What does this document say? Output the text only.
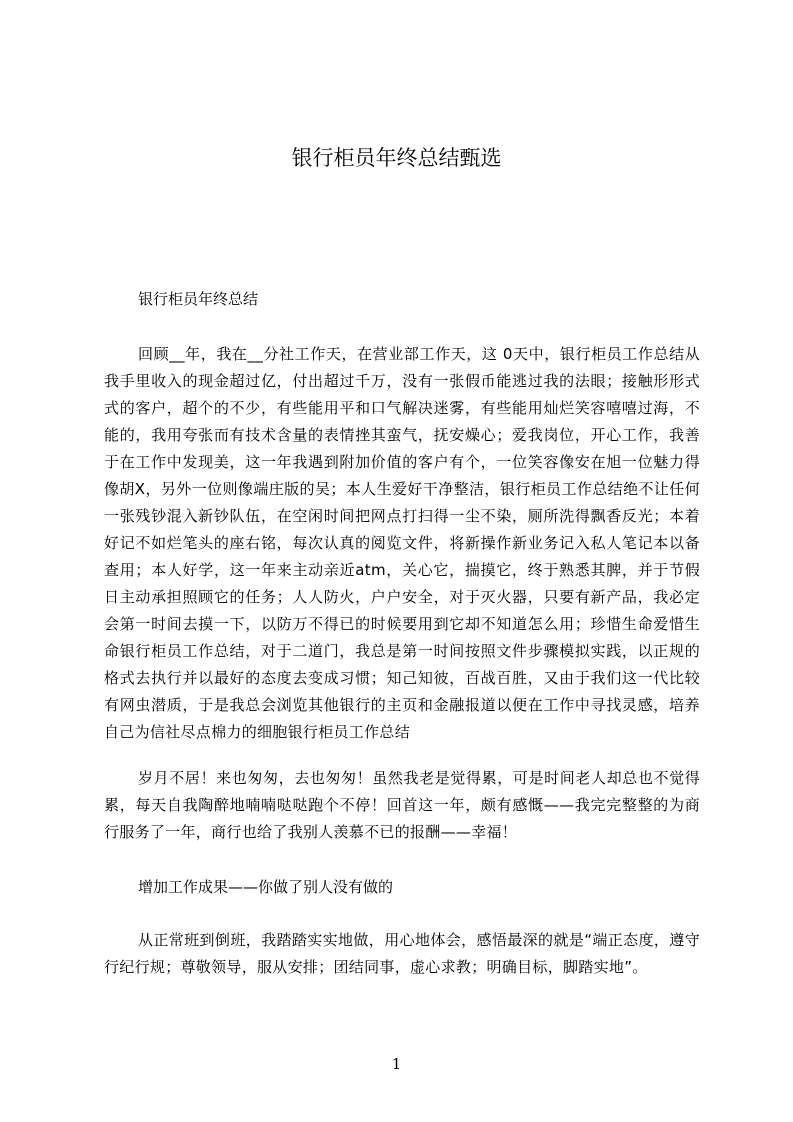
银行柜员年终总结甄选
银行柜员年终总结
回顾__年，我在__分社工作天，在营业部工作天，这 0天中，银行柜员工作总结从我手里收入的现金超过亿，付出超过千万，没有一张假币能逃过我的法眼；接触形形式式的客户，超个的不少，有些能用平和口气解决迷雾，有些能用灿烂笑容嘻嘻过海，不能的，我用夸张而有技术含量的表情挫其蛮气，抚安燥心；爱我岗位，开心工作，我善于在工作中发现美，这一年我遇到附加价值的客户有个，一位笑容像安在旭一位魅力得像胡X，另外一位则像端庄版的吴；本人生爱好干净整洁，银行柜员工作总结绝不让任何一张残钞混入新钞队伍，在空闲时间把网点打扫得一尘不染，厕所洗得飘香反光；本着好记不如烂笔头的座右铭，每次认真的阅览文件，将新操作新业务记入私人笔记本以备查用；本人好学，这一年来主动亲近atm，关心它，揣摸它，终于熟悉其脾，并于节假日主动承担照顾它的任务；人人防火，户户安全，对于灭火器，只要有新产品，我必定会第一时间去摸一下，以防万不得已的时候要用到它却不知道怎么用；珍惜生命爱惜生命银行柜员工作总结，对于二道门，我总是第一时间按照文件步骤模拟实践，以正规的格式去执行并以最好的态度去变成习惯；知己知彼，百战百胜，又由于我们这一代比较有网虫潜质，于是我总会浏览其他银行的主页和金融报道以便在工作中寻找灵感，培养自己为信社尽点棉力的细胞银行柜员工作总结
岁月不居！来也匆匆，去也匆匆！虽然我老是觉得累，可是时间老人却总也不觉得累，每天自我陶醉地喃喃哒哒跑个不停！回首这一年，颇有感慨——我完完整整的为商行服务了一年，商行也给了我别人羡慕不已的报酬——幸福！
增加工作成果——你做了别人没有做的
从正常班到倒班，我踏踏实实地做，用心地体会，感悟最深的就是“端正态度，遵守行纪行规；尊敬领导，服从安排；团结同事，虚心求教；明确目标，脚踏实地”。
1
